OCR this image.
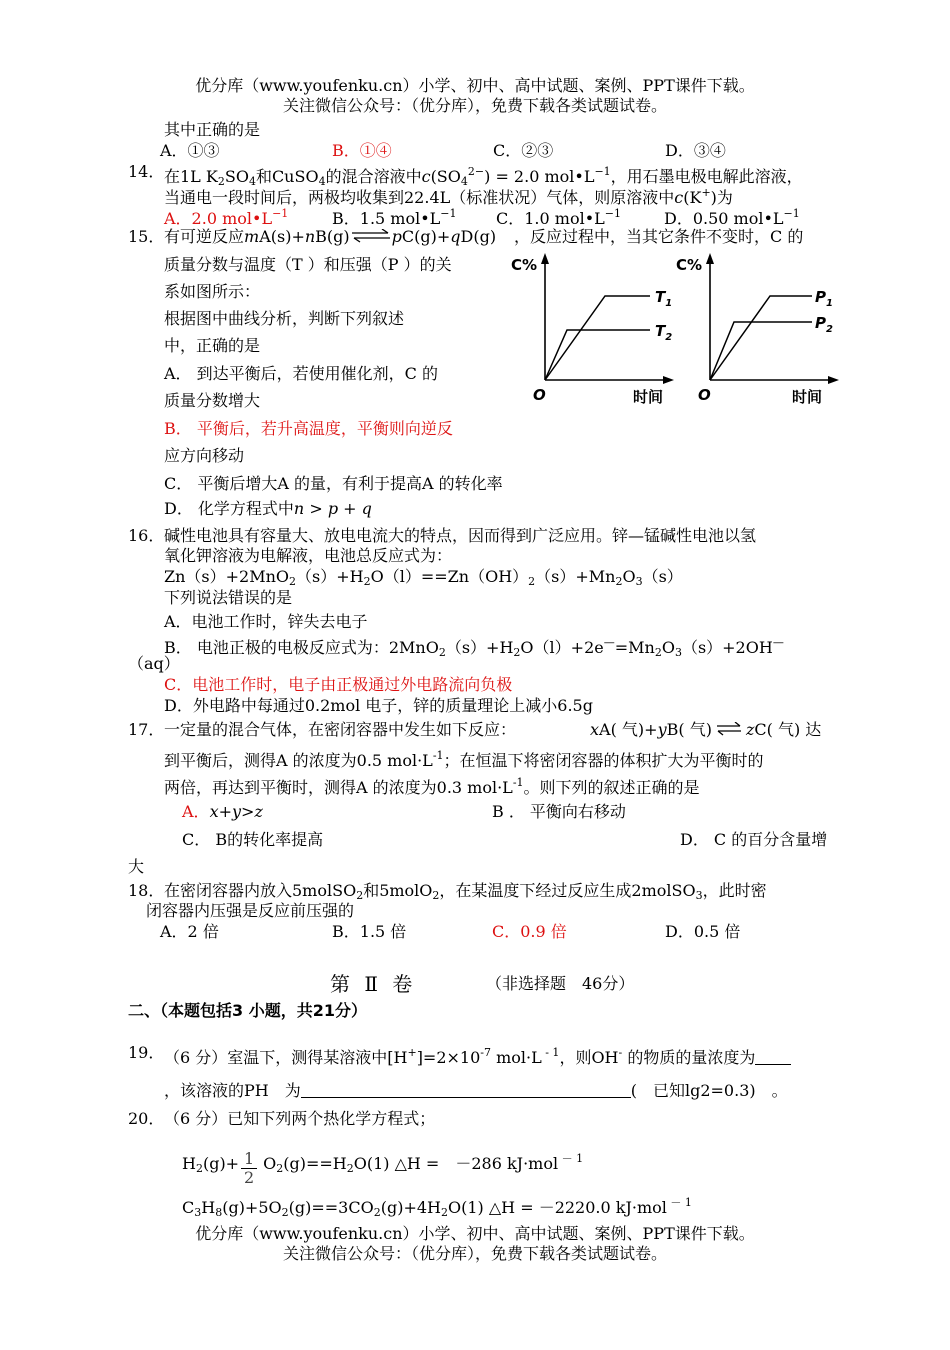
优分库（www.youfenku.cn）小学、初中、高中试题、案例、PPT课件下载。
关注微信公众号：（优分库），免费下载各类试题试卷。
其中正确的是
A．①③	B．①④	C．②③	D．③④
14． 在1L $K_2SO_4$和CuSO$_4$的混合溶液中$c(SO_4^{2-}) = 2.0$ $mol•L^{-1}$，用石墨电极电解此溶液，
当通电一段时间后，两极均收集到22.4L（标准状况）气体，则原溶液中c(K+)为
A．2.0 $mol•L^{-1}$	B．1.5 $mol•L^{-1}$ C．1.0 $mol•L^{-1}$	D．0.50 $mol•L^{-1}$
15． 有可逆反应mA(s)+nB(g)⇌pC(g)+qD(g) ，反应过程中，当其它条件不变时，C 的
质量分数与温度（T ）和压强（P ）的关
系如图所示：
根据图中曲线分析，判断下列叙述
中，正确的是
A． 到达平衡后，若使用催化剂，C 的
质量分数增大
B． 平衡后，若升高温度，平衡则向逆反
应方向移动
C． 平衡后增大A 的量，有利于提高A 的转化率
D． 化学方程式中n > p + q
C%
$T_1$
$T_2$
O	时间
C%
$P_1$
$P_2$
O	时间
16． 碱性电池具有容量大、放电电流大的特点，因而得到广泛应用。锌—锰碱性电池以氢
氧化钾溶液为电解液，电池总反应式为：
$Zn(s)+2MnO_2(s)+H_2O(l)==Zn(OH)_2(s)+Mn_2O_3(s)$
下列说法错误的是
A．电池工作时，锌失去电子
B． 电池正极的电极反应式为：$2MnO_2(s)+H_2O(l)+2e^—=Mn_2O_3(s)+2OH^—$
（aq）
C．电池工作时，电子由正极通过外电路流向负极
D．外电路中每通过0.2mol 电子，锌的质量理论上减小6.5g
17． 一定量的混合气体，在密闭容器中发生如下反应：	xA( 气)+yB( 气) ⇌ zC( 气) 达
到平衡后，测得A 的浓度为0.5 $mol\cdot L^{-1}$；在恒温下将密闭容器的体积扩大为平衡时的
两倍，再达到平衡时，测得A 的浓度为0.3 $mol\cdot L^{-1}$。则下列的叙述正确的是
A．x+y>z	B ． 平衡向右移动
C． B的转化率提高	D． C 的百分含量增
大
18． 在密闭容器内放入5molSO$_2$和5molO$_2$，在某温度下经过反应生成2molSO$_3$，此时密
闭容器内压强是反应前压强的
A．2 倍	B．1.5 倍	C．0.9 倍	D．0.5 倍
第 Ⅱ 卷	（非选择题　46分）
二、（本题包括3 小题，共21分）
19． （6 分）室温下，测得某溶液中$[H^+]=2\times 10^{-7}$ mol·L $^{- 1}$，则OH- 的物质的量浓度为
，该溶液的PH　为	(　已知lg2=0.3)　。
20． （6 分）已知下列两个热化学方程式；
$H_2(g)+ \frac{1}{2} O_2(g)==H_2O(1)$ △H =　－286 kJ·mol $^{- 1}$
$C_3H_8(g)+5O_2(g)==3CO_2(g)+4H_2O(1)$ △H = －2220.0 kJ·mol $^{- 1}$
优分库（www.youfenku.cn）小学、初中、高中试题、案例、PPT课件下载。
关注微信公众号：（优分库），免费下载各类试题试卷。
